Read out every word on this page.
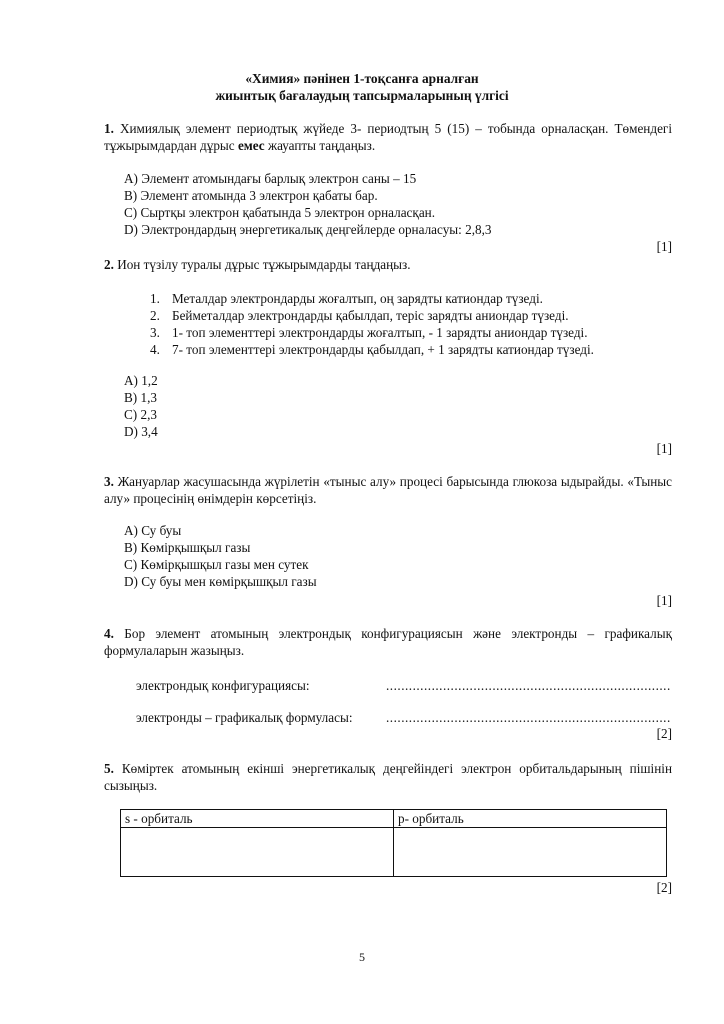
«Химия» пәнінен 1-тоқсанға арналған
жиынтық бағалаудың тапсырмаларының үлгісі
1. Химиялық элемент периодтық жүйеде 3- периодтың 5 (15) – тобында орналасқан. Төмендегі тұжырымдардан дұрыс емес жауапты таңдаңыз.
A) Элемент атомындағы барлық электрон саны – 15
B) Элемент атомында 3 электрон қабаты бар.
C) Сыртқы электрон қабатында 5 электрон орналасқан.
D) Электрондардың энергетикалық деңгейлерде орналасуы: 2,8,3
[1]
2. Ион түзілу туралы дұрыс тұжырымдарды таңдаңыз.
1. Металдар электрондарды жоғалтып, оң зарядты катиондар түзеді.
2. Бейметалдар электрондарды қабылдап, теріс зарядты аниондар түзеді.
3. 1- топ элементтері электрондарды жоғалтып, - 1 зарядты аниондар түзеді.
4. 7- топ элементтері электрондарды қабылдап, + 1 зарядты катиондар түзеді.
A) 1,2
B) 1,3
C) 2,3
D) 3,4
[1]
3. Жануарлар жасушасында жүрілетін «тыныс алу» процесі барысында глюкоза ыдырайды. «Тыныс алу» процесінің өнімдерін көрсетіңіз.
A) Су буы
B) Көмірқышқыл газы
C) Көмірқышқыл газы мен сутек
D) Су буы мен көмірқышқыл газы
[1]
4. Бор элемент атомының электрондық конфигурациясын және электронды – графикалық формулаларын жазыңыз.
электрондық конфигурациясы:	...........................................................................
электронды – графикалық формуласы:	...........................................................................
[2]
5. Көміртек атомының екінші энергетикалық деңгейіндегі электрон орбитальдарының пішінін сызыңыз.
s - орбиталь	p- орбиталь

[2]
5
